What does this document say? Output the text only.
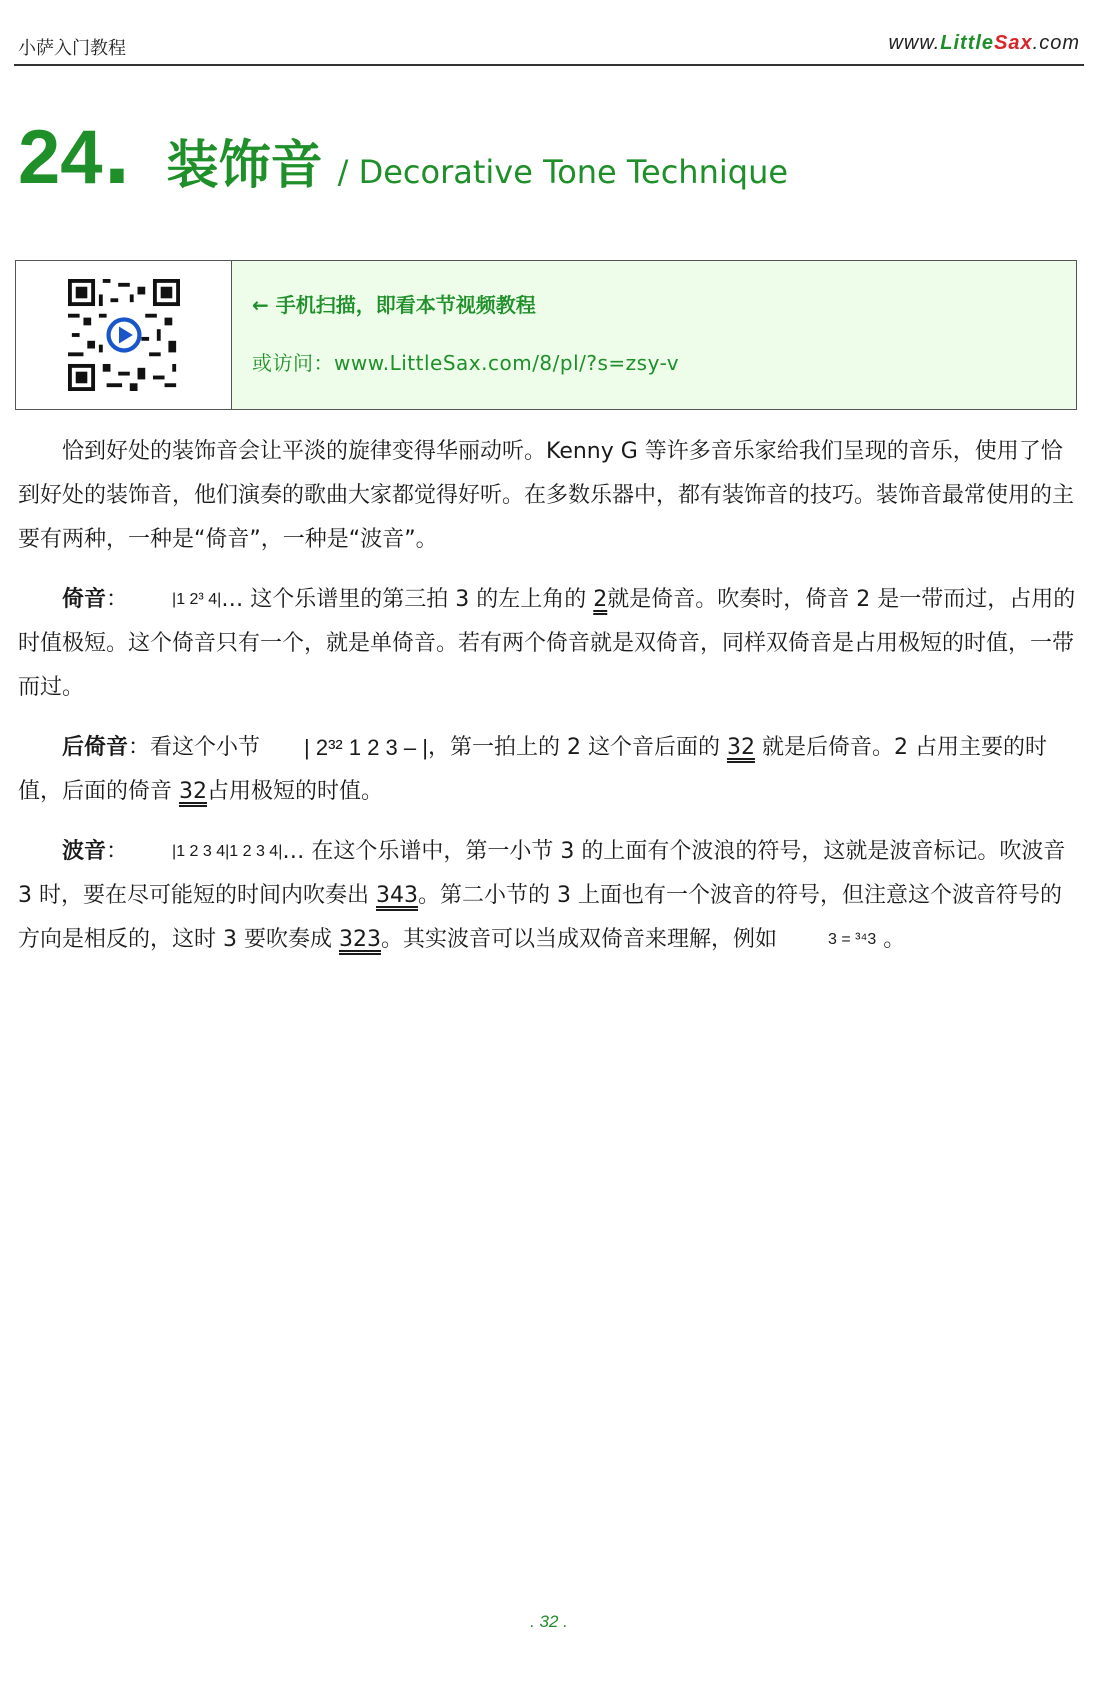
小萨入门教程	www.LittleSax.com
24. 装饰音 / Decorative Tone Technique
← 手机扫描，即看本节视频教程
或访问：www.LittleSax.com/8/pl/?s=zsy-v

恰到好处的装饰音会让平淡的旋律变得华丽动听。Kenny G 等许多音乐家给我们呈现的音乐，使用了恰到好处的装饰音，他们演奏的歌曲大家都觉得好听。在多数乐器中，都有装饰音的技巧。装饰音最常使用的主要有两种，一种是“倚音”，一种是“波音”。

倚音：	|1 2³ 4|… 这个乐谱里的第三拍 3 的左上角的 2就是倚音。吹奏时，倚音 2 是一带而过，占用的时值极短。这个倚音只有一个，就是单倚音。若有两个倚音就是双倚音，同样双倚音是占用极短的时值，一带而过。

后倚音：看这个小节 | 2³² 1 2 3 – |，第一拍上的 2 这个音后面的 32 就是后倚音。2 占用主要的时值，后面的倚音 32占用极短的时值。

波音：	|1 2 3 4|1 2 3 4|… 在这个乐谱中，第一小节 3 的上面有个波浪的符号，这就是波音标记。吹波音 3 时，要在尽可能短的时间内吹奏出 343。第二小节的 3 上面也有一个波音的符号，但注意这个波音符号的方向是相反的，这时 3 要吹奏成 323。其实波音可以当成双倚音来理解，例如	3 = ³⁴3 。

. 32 .
